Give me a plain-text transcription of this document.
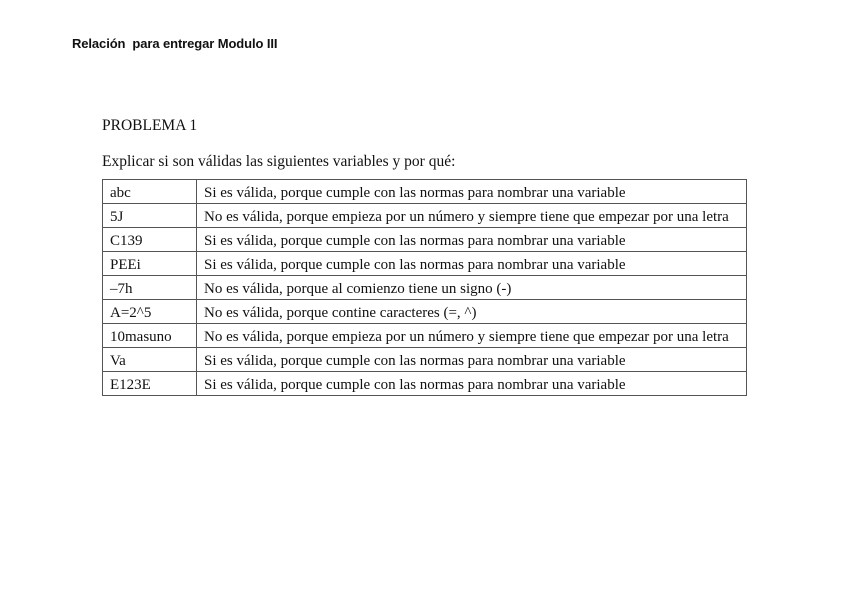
Relación  para entregar Modulo III
PROBLEMA 1
Explicar si son válidas las siguientes variables y por qué:
abc	Si es válida, porque cumple con las normas para nombrar una variable
5J	No es válida, porque empieza por un número y siempre tiene que empezar por una letra
C139	Si es válida, porque cumple con las normas para nombrar una variable
PEEi	Si es válida, porque cumple con las normas para nombrar una variable
–7h	No es válida, porque al comienzo tiene un signo (-)
A=2^5	No es válida, porque contine caracteres (=, ^)
10masuno	No es válida, porque empieza por un número y siempre tiene que empezar por una letra
Va	Si es válida, porque cumple con las normas para nombrar una variable
E123E	Si es válida, porque cumple con las normas para nombrar una variable
